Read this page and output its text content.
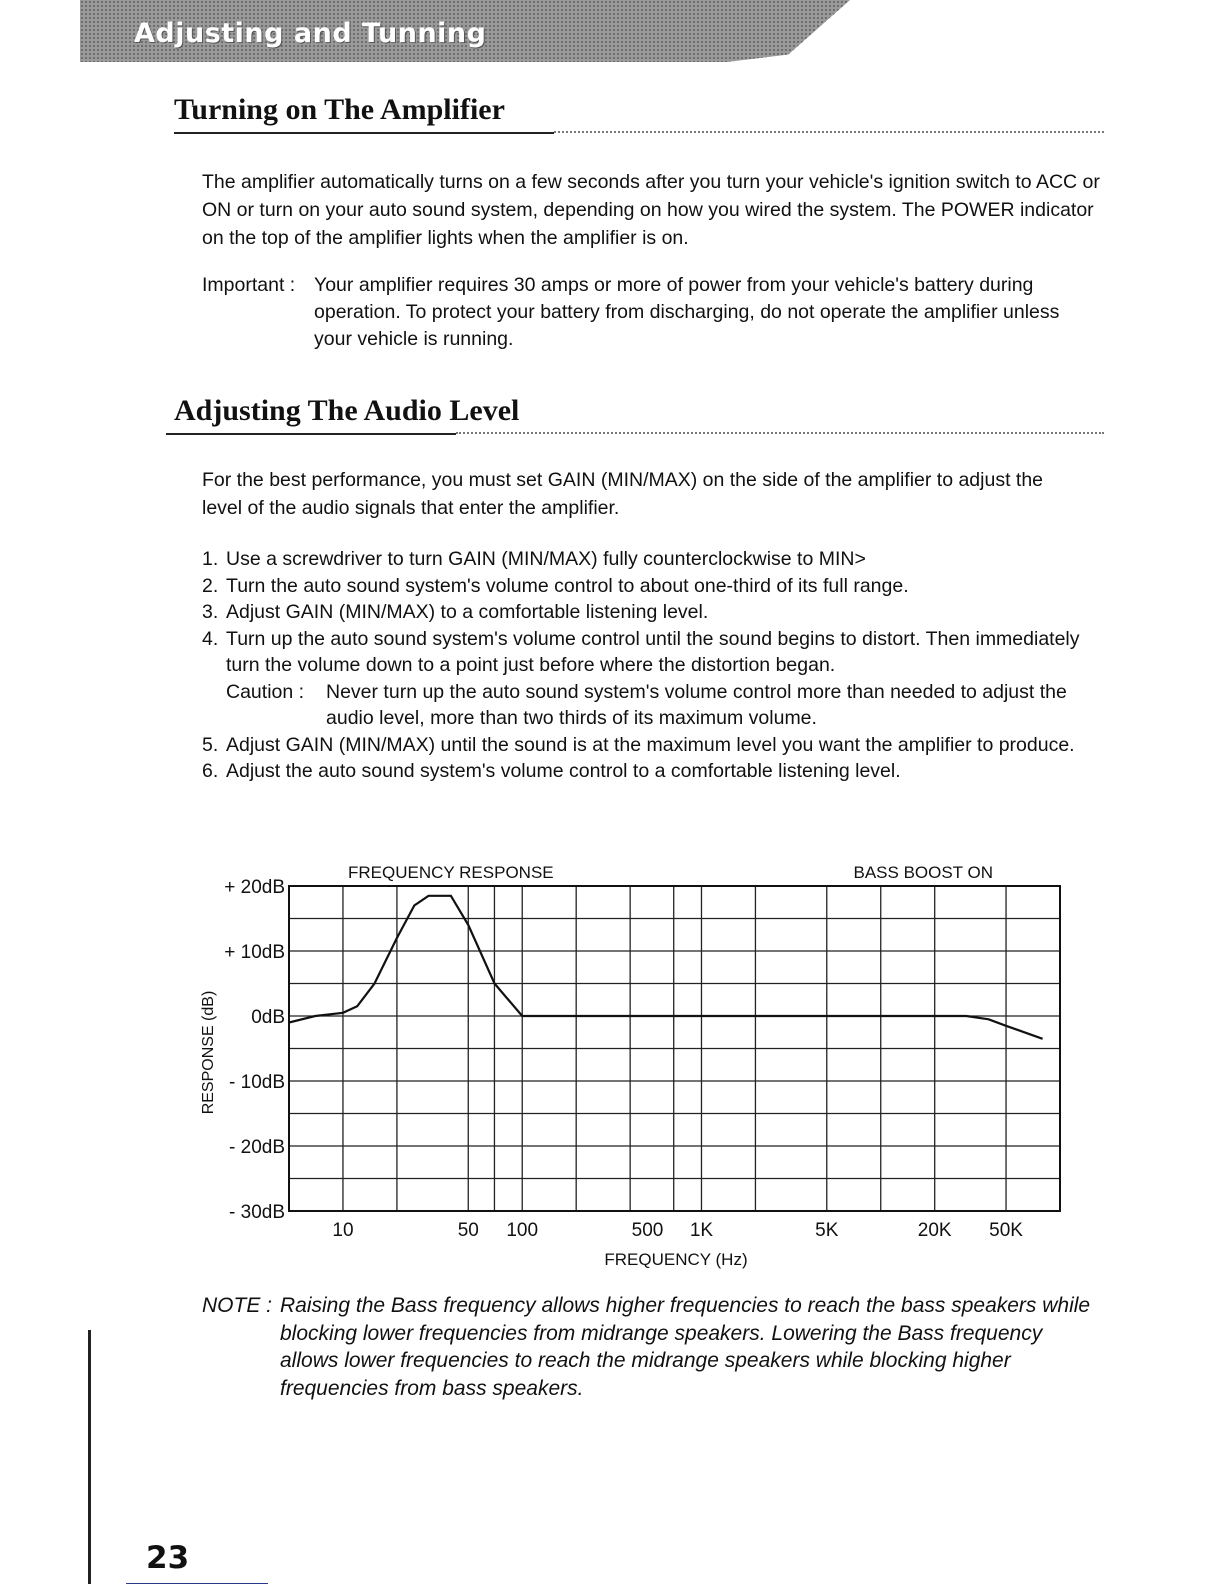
Adjusting and Tunning
Turning on The Amplifier

The amplifier automatically turns on a few seconds after you turn your vehicle's ignition switch to ACC or ON or turn on your auto sound system, depending on how you wired the system. The POWER indicator on the top of the amplifier lights when the amplifier is on.

Important : Your amplifier requires 30 amps or more of power from your vehicle's battery during operation. To protect your battery from discharging, do not operate the amplifier unless your vehicle is running.

Adjusting The Audio Level

For the best performance, you must set GAIN (MIN/MAX) on the side of the amplifier to adjust the level of the audio signals that enter the amplifier.

1. Use a screwdriver to turn GAIN (MIN/MAX) fully counterclockwise to MIN>
2. Turn the auto sound system's volume control to about one-third of its full range.
3. Adjust GAIN (MIN/MAX) to a comfortable listening level.
4. Turn up the auto sound system's volume control until the sound begins to distort. Then immediately turn the volume down to a point just before where the distortion began.
Caution : Never turn up the auto sound system's volume control more than needed to adjust the audio level, more than two thirds of its maximum volume.
5. Adjust GAIN (MIN/MAX) until the sound is at the maximum level you want the amplifier to produce.
6. Adjust the auto sound system's volume control to a comfortable listening level.
FREQUENCY RESPONSE	BASS BOOST ON
FREQUENCY (Hz)
RESPONSE (dB)
+ 20dB
+ 10dB
0dB
- 10dB
- 20dB
- 30dB
10	50 100	500 1K	5K	20K 50K
NOTE : Raising the Bass frequency allows higher frequencies to reach the bass speakers while blocking lower frequencies from midrange speakers. Lowering the Bass frequency allows lower frequencies to reach the midrange speakers while blocking higher frequencies from bass speakers.

23
